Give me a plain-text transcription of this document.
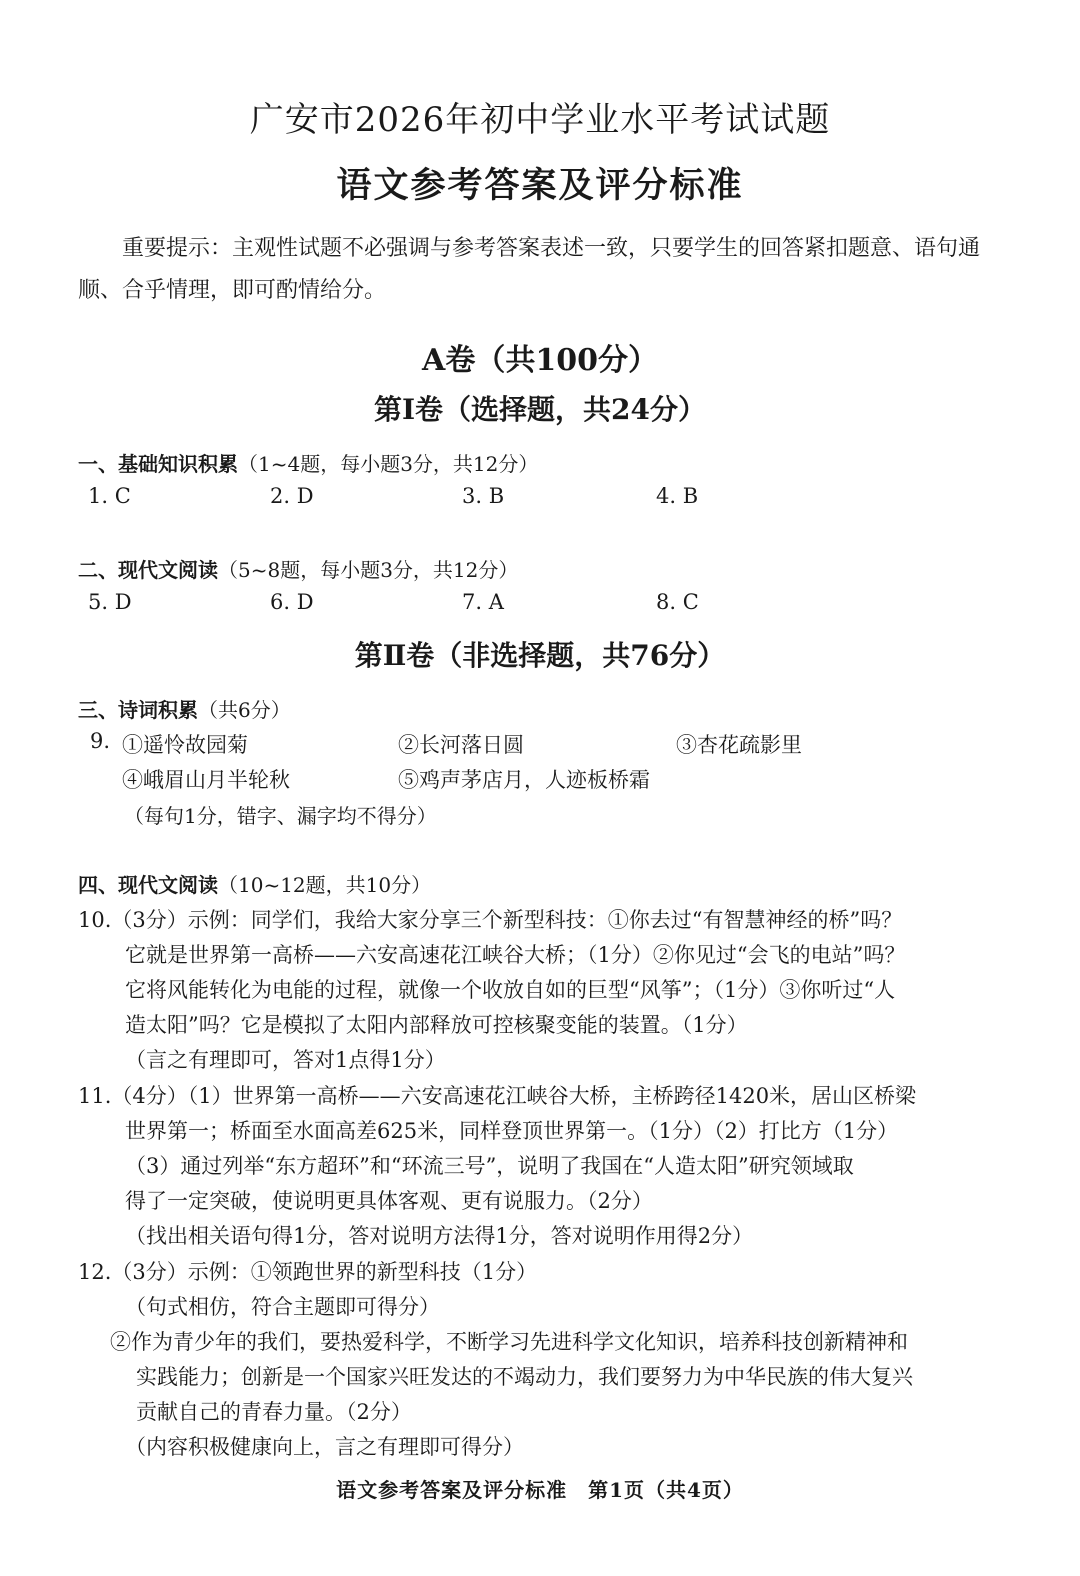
广安市2026年初中学业水平考试试题
语文参考答案及评分标准
重要提示：主观性试题不必强调与参考答案表述一致，只要学生的回答紧扣题意、语句通顺、合乎情理，即可酌情给分。
A卷（共100分）
第Ⅰ卷（选择题，共24分）
一、基础知识积累（1~4题，每小题3分，共12分）
1. C	2. D	3. B	4. B
二、现代文阅读（5~8题，每小题3分，共12分）
5. D	6. D	7. A	8. C
第Ⅱ卷（非选择题，共76分）
三、诗词积累（共6分）
9. ①遥怜故园菊	②长河落日圆	③杏花疏影里
④峨眉山月半轮秋	⑤鸡声茅店月，人迹板桥霜
（每句1分，错字、漏字均不得分）
四、现代文阅读（10~12题，共10分）
10.（3分）示例：同学们，我给大家分享三个新型科技：①你去过“有智慧神经的桥”吗？
它就是世界第一高桥——六安高速花江峡谷大桥；（1分）②你见过“会飞的电站”吗？
它将风能转化为电能的过程，就像一个收放自如的巨型“风筝”；（1分）③你听过“人
造太阳”吗？它是模拟了太阳内部释放可控核聚变能的装置。（1分）
（言之有理即可，答对1点得1分）
11.（4分）（1）世界第一高桥——六安高速花江峡谷大桥，主桥跨径1420米，居山区桥梁
世界第一；桥面至水面高差625米，同样登顶世界第一。（1分）（2）打比方（1分）
（3）通过列举“东方超环”和“环流三号”，说明了我国在“人造太阳”研究领域取
得了一定突破，使说明更具体客观、更有说服力。（2分）
（找出相关语句得1分，答对说明方法得1分，答对说明作用得2分）
12.（3分）示例：①领跑世界的新型科技（1分）
（句式相仿，符合主题即可得分）
②作为青少年的我们，要热爱科学，不断学习先进科学文化知识，培养科技创新精神和
实践能力；创新是一个国家兴旺发达的不竭动力，我们要努力为中华民族的伟大复兴
贡献自己的青春力量。（2分）
（内容积极健康向上，言之有理即可得分）
语文参考答案及评分标准　第1页（共4页）
